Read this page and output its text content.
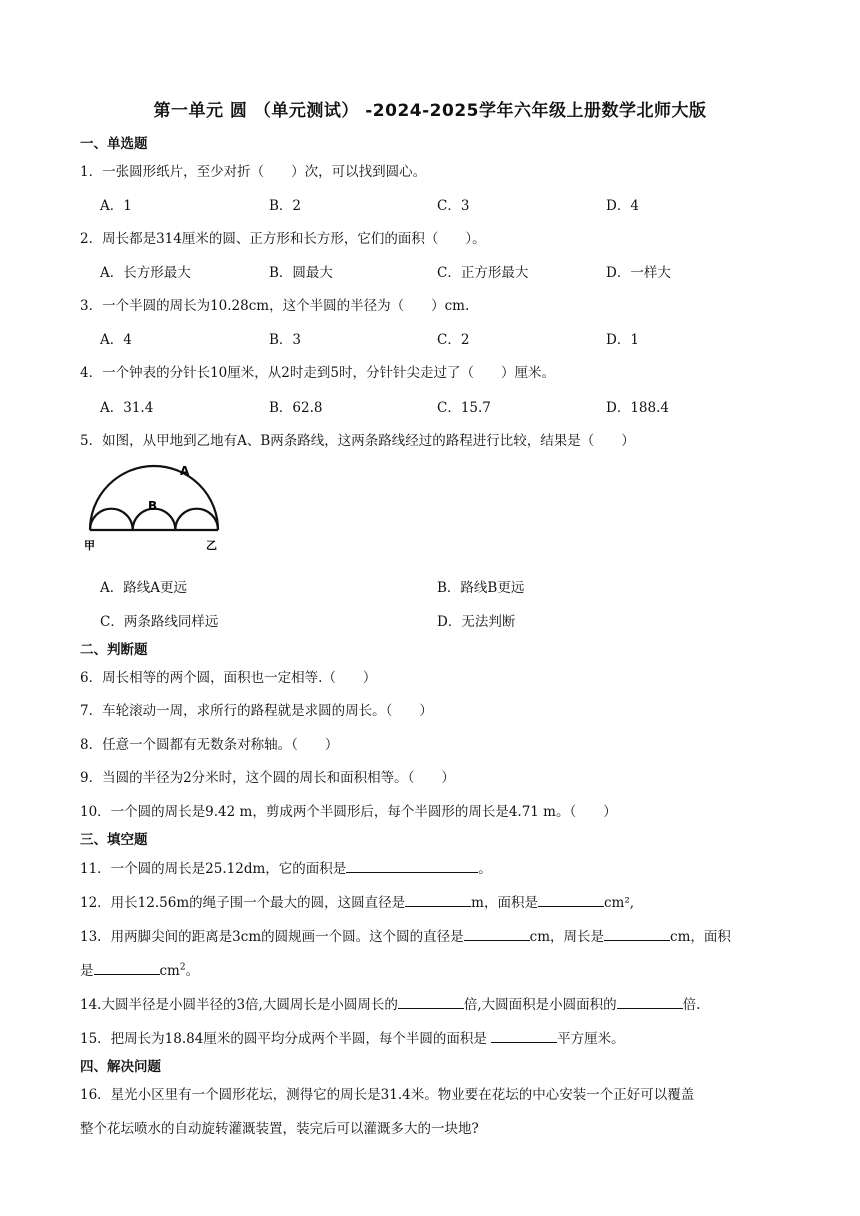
第一单元 圆 （单元测试） -2024-2025学年六年级上册数学北师大版
一、单选题
1．一张圆形纸片，至少对折（　　）次，可以找到圆心。
A．1	B．2	C．3	D．4
2．周长都是314厘米的圆、正方形和长方形，它们的面积（　　）。
A．长方形最大	B．圆最大	C．正方形最大	D．一样大
3．一个半圆的周长为10.28cm，这个半圆的半径为（　　）cm.
A．4	B．3	C．2	D．1
4．一个钟表的分针长10厘米，从2时走到5时，分针针尖走过了（　　）厘米。
A．31.4	B．62.8	C．15.7	D．188.4
5．如图，从甲地到乙地有A、B两条路线，这两条路线经过的路程进行比较，结果是（　　）
A
B
甲	乙
A．路线A更远	B．路线B更远
C．两条路线同样远	D．无法判断
二、判断题
6．周长相等的两个圆，面积也一定相等.（　　）
7．车轮滚动一周，求所行的路程就是求圆的周长。（　　）
8．任意一个圆都有无数条对称轴。（　　）
9．当圆的半径为2分米时，这个圆的周长和面积相等。（　　）
10．一个圆的周长是9.42 m，剪成两个半圆形后，每个半圆形的周长是4.71 m。（　　）
三、填空题
11．一个圆的周长是25.12dm，它的面积是	。
12．用长12.56m的绳子围一个最大的圆，这圆直径是	m，面积是	cm²,
13．用两脚尖间的距离是3cm的圆规画一个圆。这个圆的直径是	cm，周长是	cm，面积
是	$cm^2$。
14.大圆半径是小圆半径的3倍,大圆周长是小圆周长的	倍,大圆面积是小圆面积的	倍.
15．把周长为18.84厘米的圆平均分成两个半圆，每个半圆的面积是	平方厘米。
四、解决问题
16．星光小区里有一个圆形花坛，测得它的周长是31.4米。物业要在花坛的中心安装一个正好可以覆盖
整个花坛喷水的自动旋转灌溉装置，装完后可以灌溉多大的一块地?
